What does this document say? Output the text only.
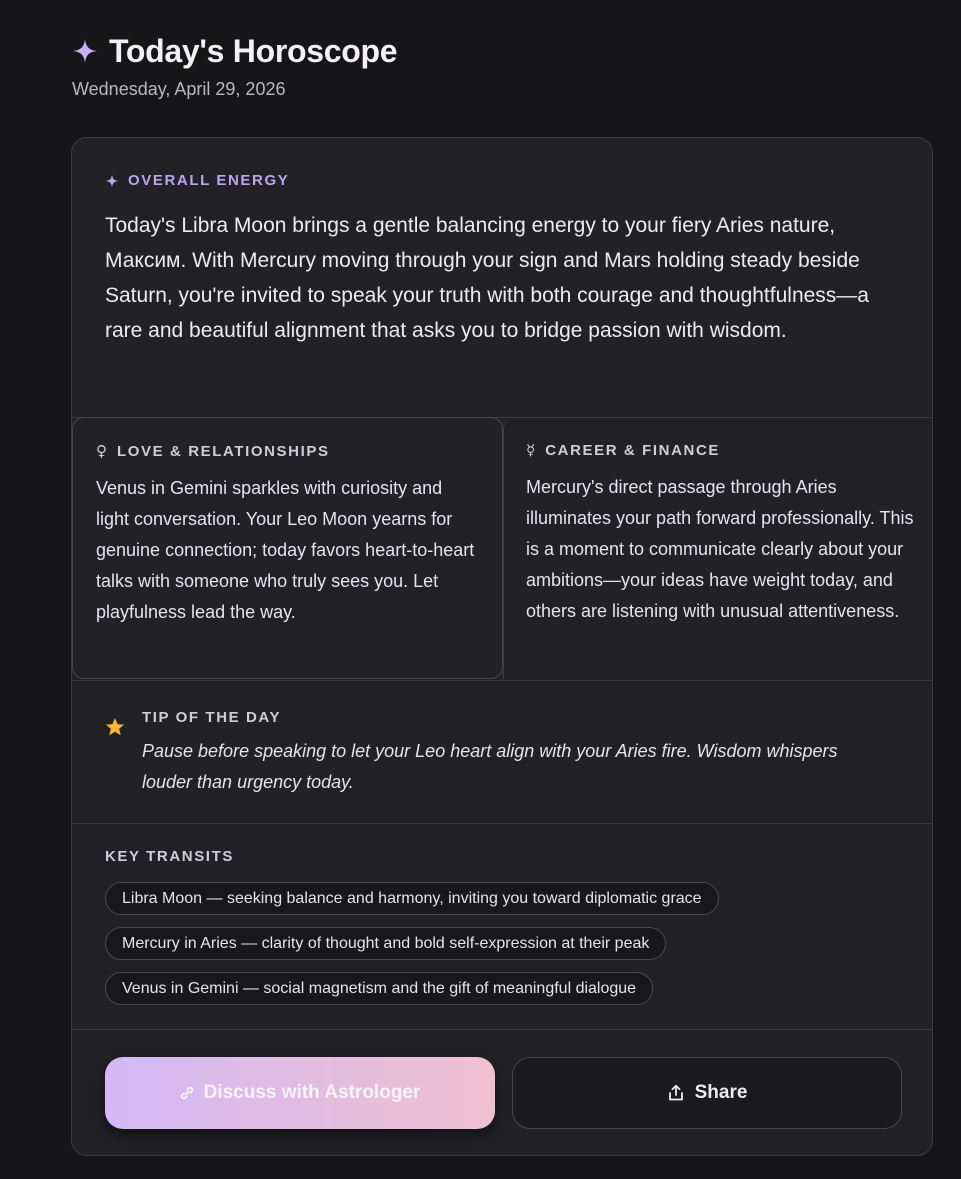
Today's Horoscope
Wednesday, April 29, 2026
OVERALL ENERGY
Today's Libra Moon brings a gentle balancing energy to your fiery Aries nature, Максим. With Mercury moving through your sign and Mars holding steady beside Saturn, you're invited to speak your truth with both courage and thoughtfulness—a rare and beautiful alignment that asks you to bridge passion with wisdom.
♀ LOVE & RELATIONSHIPS
Venus in Gemini sparkles with curiosity and light conversation. Your Leo Moon yearns for genuine connection; today favors heart-to-heart talks with someone who truly sees you. Let playfulness lead the way.
☿ CAREER & FINANCE
Mercury's direct passage through Aries illuminates your path forward professionally. This is a moment to communicate clearly about your ambitions—your ideas have weight today, and others are listening with unusual attentiveness.
TIP OF THE DAY
Pause before speaking to let your Leo heart align with your Aries fire. Wisdom whispers louder than urgency today.
KEY TRANSITS
Libra Moon — seeking balance and harmony, inviting you toward diplomatic grace
Mercury in Aries — clarity of thought and bold self-expression at their peak
Venus in Gemini — social magnetism and the gift of meaningful dialogue
Discuss with Astrologer	Share
